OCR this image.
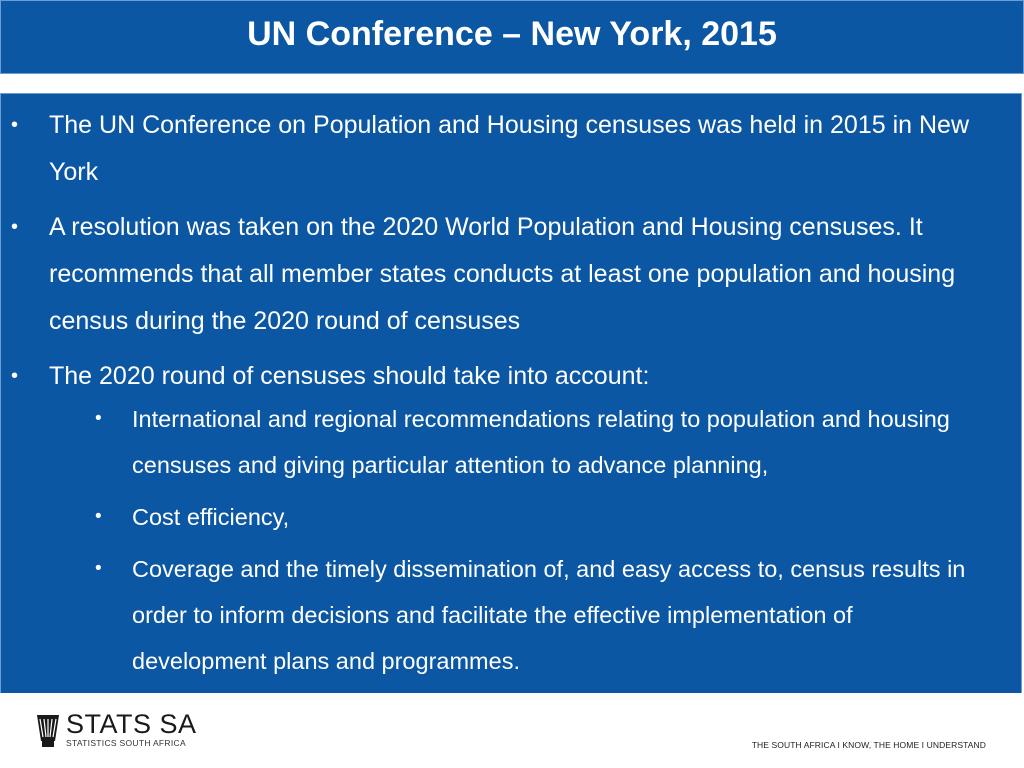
UN Conference – New York, 2015
• The UN Conference on Population and Housing censuses was held in 2015 in New York
• A resolution was taken on the 2020 World Population and Housing censuses. It recommends that all member states conducts at least one population and housing census during the 2020 round of censuses
• The 2020 round of censuses should take into account:
• International and regional recommendations relating to population and housing censuses and giving particular attention to advance planning,
• Cost efficiency,
• Coverage and the timely dissemination of, and easy access to, census results in order to inform decisions and facilitate the effective implementation of development plans and programmes.
STATS SA
STATISTICS SOUTH AFRICA	THE SOUTH AFRICA I KNOW, THE HOME I UNDERSTAND
